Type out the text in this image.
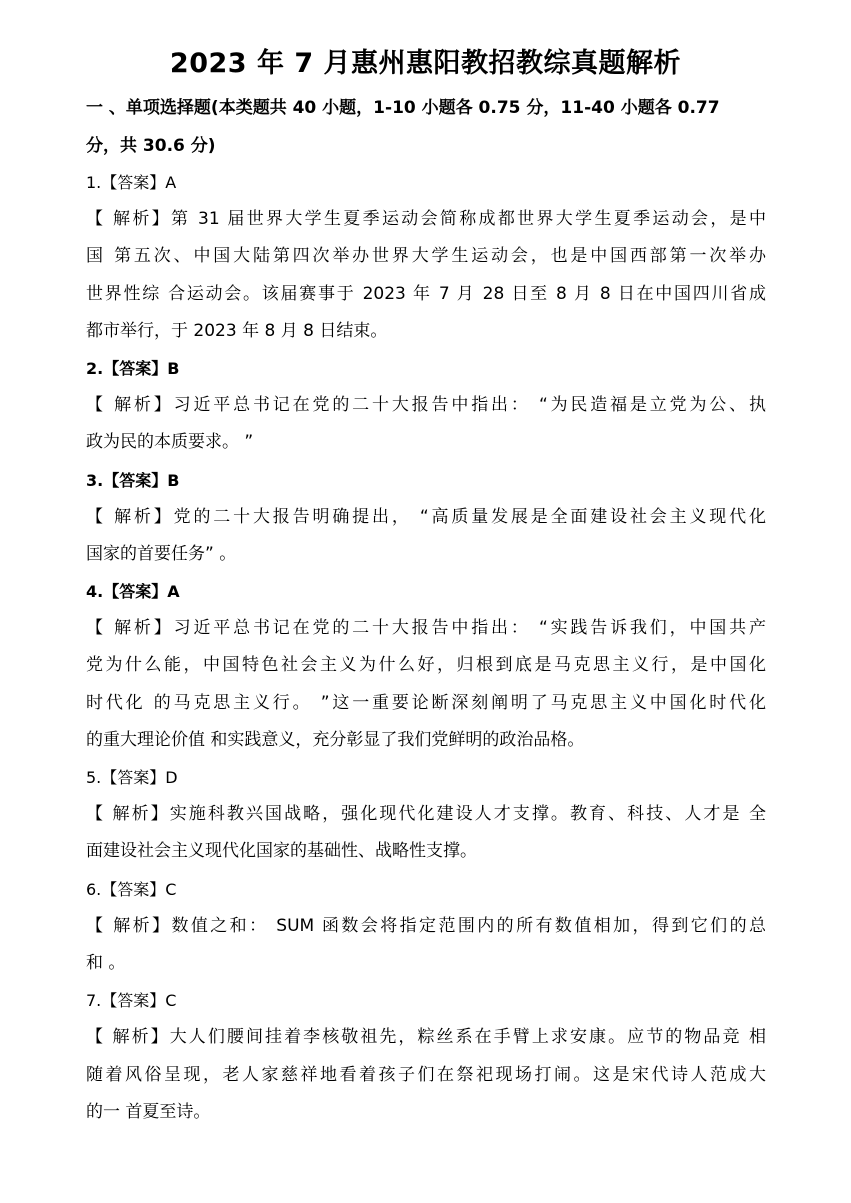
2023 年 7 月惠州惠阳教招教综真题解析
一 、单项选择题(本类题共 40 小题，1-10 小题各 0.75 分，11-40 小题各 0.77
分，共 30.6 分)
1.【答案】A
【 解析】第 31 届世界大学生夏季运动会简称成都世界大学生夏季运动会，是中
国 第五次、中国大陆第四次举办世界大学生运动会，也是中国西部第一次举办
世界性综 合运动会。该届赛事于 2023 年 7 月 28 日至 8 月 8 日在中国四川省成
都市举行，于 2023 年 8 月 8 日结束。
2.【答案】B
【 解析】习近平总书记在党的二十大报告中指出： “为民造福是立党为公、执
政为民的本质要求。 ”
3.【答案】B
【 解析】党的二十大报告明确提出， “高质量发展是全面建设社会主义现代化
国家的首要任务” 。
4.【答案】A
【 解析】习近平总书记在党的二十大报告中指出： “实践告诉我们，中国共产
党为什么能，中国特色社会主义为什么好，归根到底是马克思主义行，是中国化
时代化 的马克思主义行。 ”这一重要论断深刻阐明了马克思主义中国化时代化
的重大理论价值 和实践意义，充分彰显了我们党鲜明的政治品格。
5.【答案】D
【 解析】实施科教兴国战略，强化现代化建设人才支撑。教育、科技、人才是 全
面建设社会主义现代化国家的基础性、战略性支撑。
6.【答案】C
【 解析】数值之和： SUM 函数会将指定范围内的所有数值相加，得到它们的总
和 。
7.【答案】C
【 解析】大人们腰间挂着李核敬祖先，粽丝系在手臂上求安康。应节的物品竞 相
随着风俗呈现，老人家慈祥地看着孩子们在祭祀现场打闹。这是宋代诗人范成大
的一 首夏至诗。
